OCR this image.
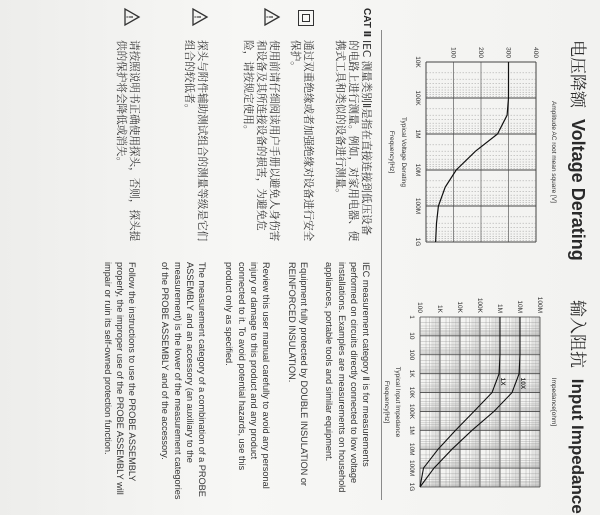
电压降额 Voltage Derating
Amplitude AC root mean square [V]
Typical Voltage Derating
Frequency[Hz]
400
300
200
100
10K
100K
1M
10M
100M
1G
输入阻抗 Input Impedance
Impedance[ohm]
Typical Input Impedance
Frequency[Hz]
100M
10M
1M
100K
10K
1K
100
1
10
100
1K
10K
100K
1M
10M
100M
1G
10X
1X
CAT Ⅱ
IEC 测量类别Ⅱ是指在直接连接到低压设备的电路上进行测量。例如，对家用电器、便携式工具和类似的设备进行测量。
IEC measurement category Ⅱ is for measurements performed on circuits directly connected to low voltage installations. Examples are measurements on household appliances, portable tools and similar equipment.
通过双重绝缘或者加强绝缘对设备进行安全保护。
Equipment fully protected by DOUBLE INSULATION or REINFORCED INSULATION.
!
使用前请仔细阅读用户手册以避免人身伤害和设备及其所连接设备的损害，为避免危险，请按规定使用。
Review this user manual carefully to avoid any personal injury or damage to this product and any product connected to it. To avoid potential hazards, use this product only as specified.
!
探头与附件辅助测试组合的测量等级是它们组合的较低者。
The measurement category of a combination of a PROBE ASSEMBLY and an accessory (an auxiliary to the measurement) is the lower of the measurement categories of the PROBE ASSEMBLY and of the accessory.
!
请按照说明书正确使用探头，否则，探头提供的保护将会降低或消失。
Follow the instructions to use the PROBE ASSEMBLY properly, the improper use of the PROBE ASSEMBLY will impair or ruin its self-owned protection function.
